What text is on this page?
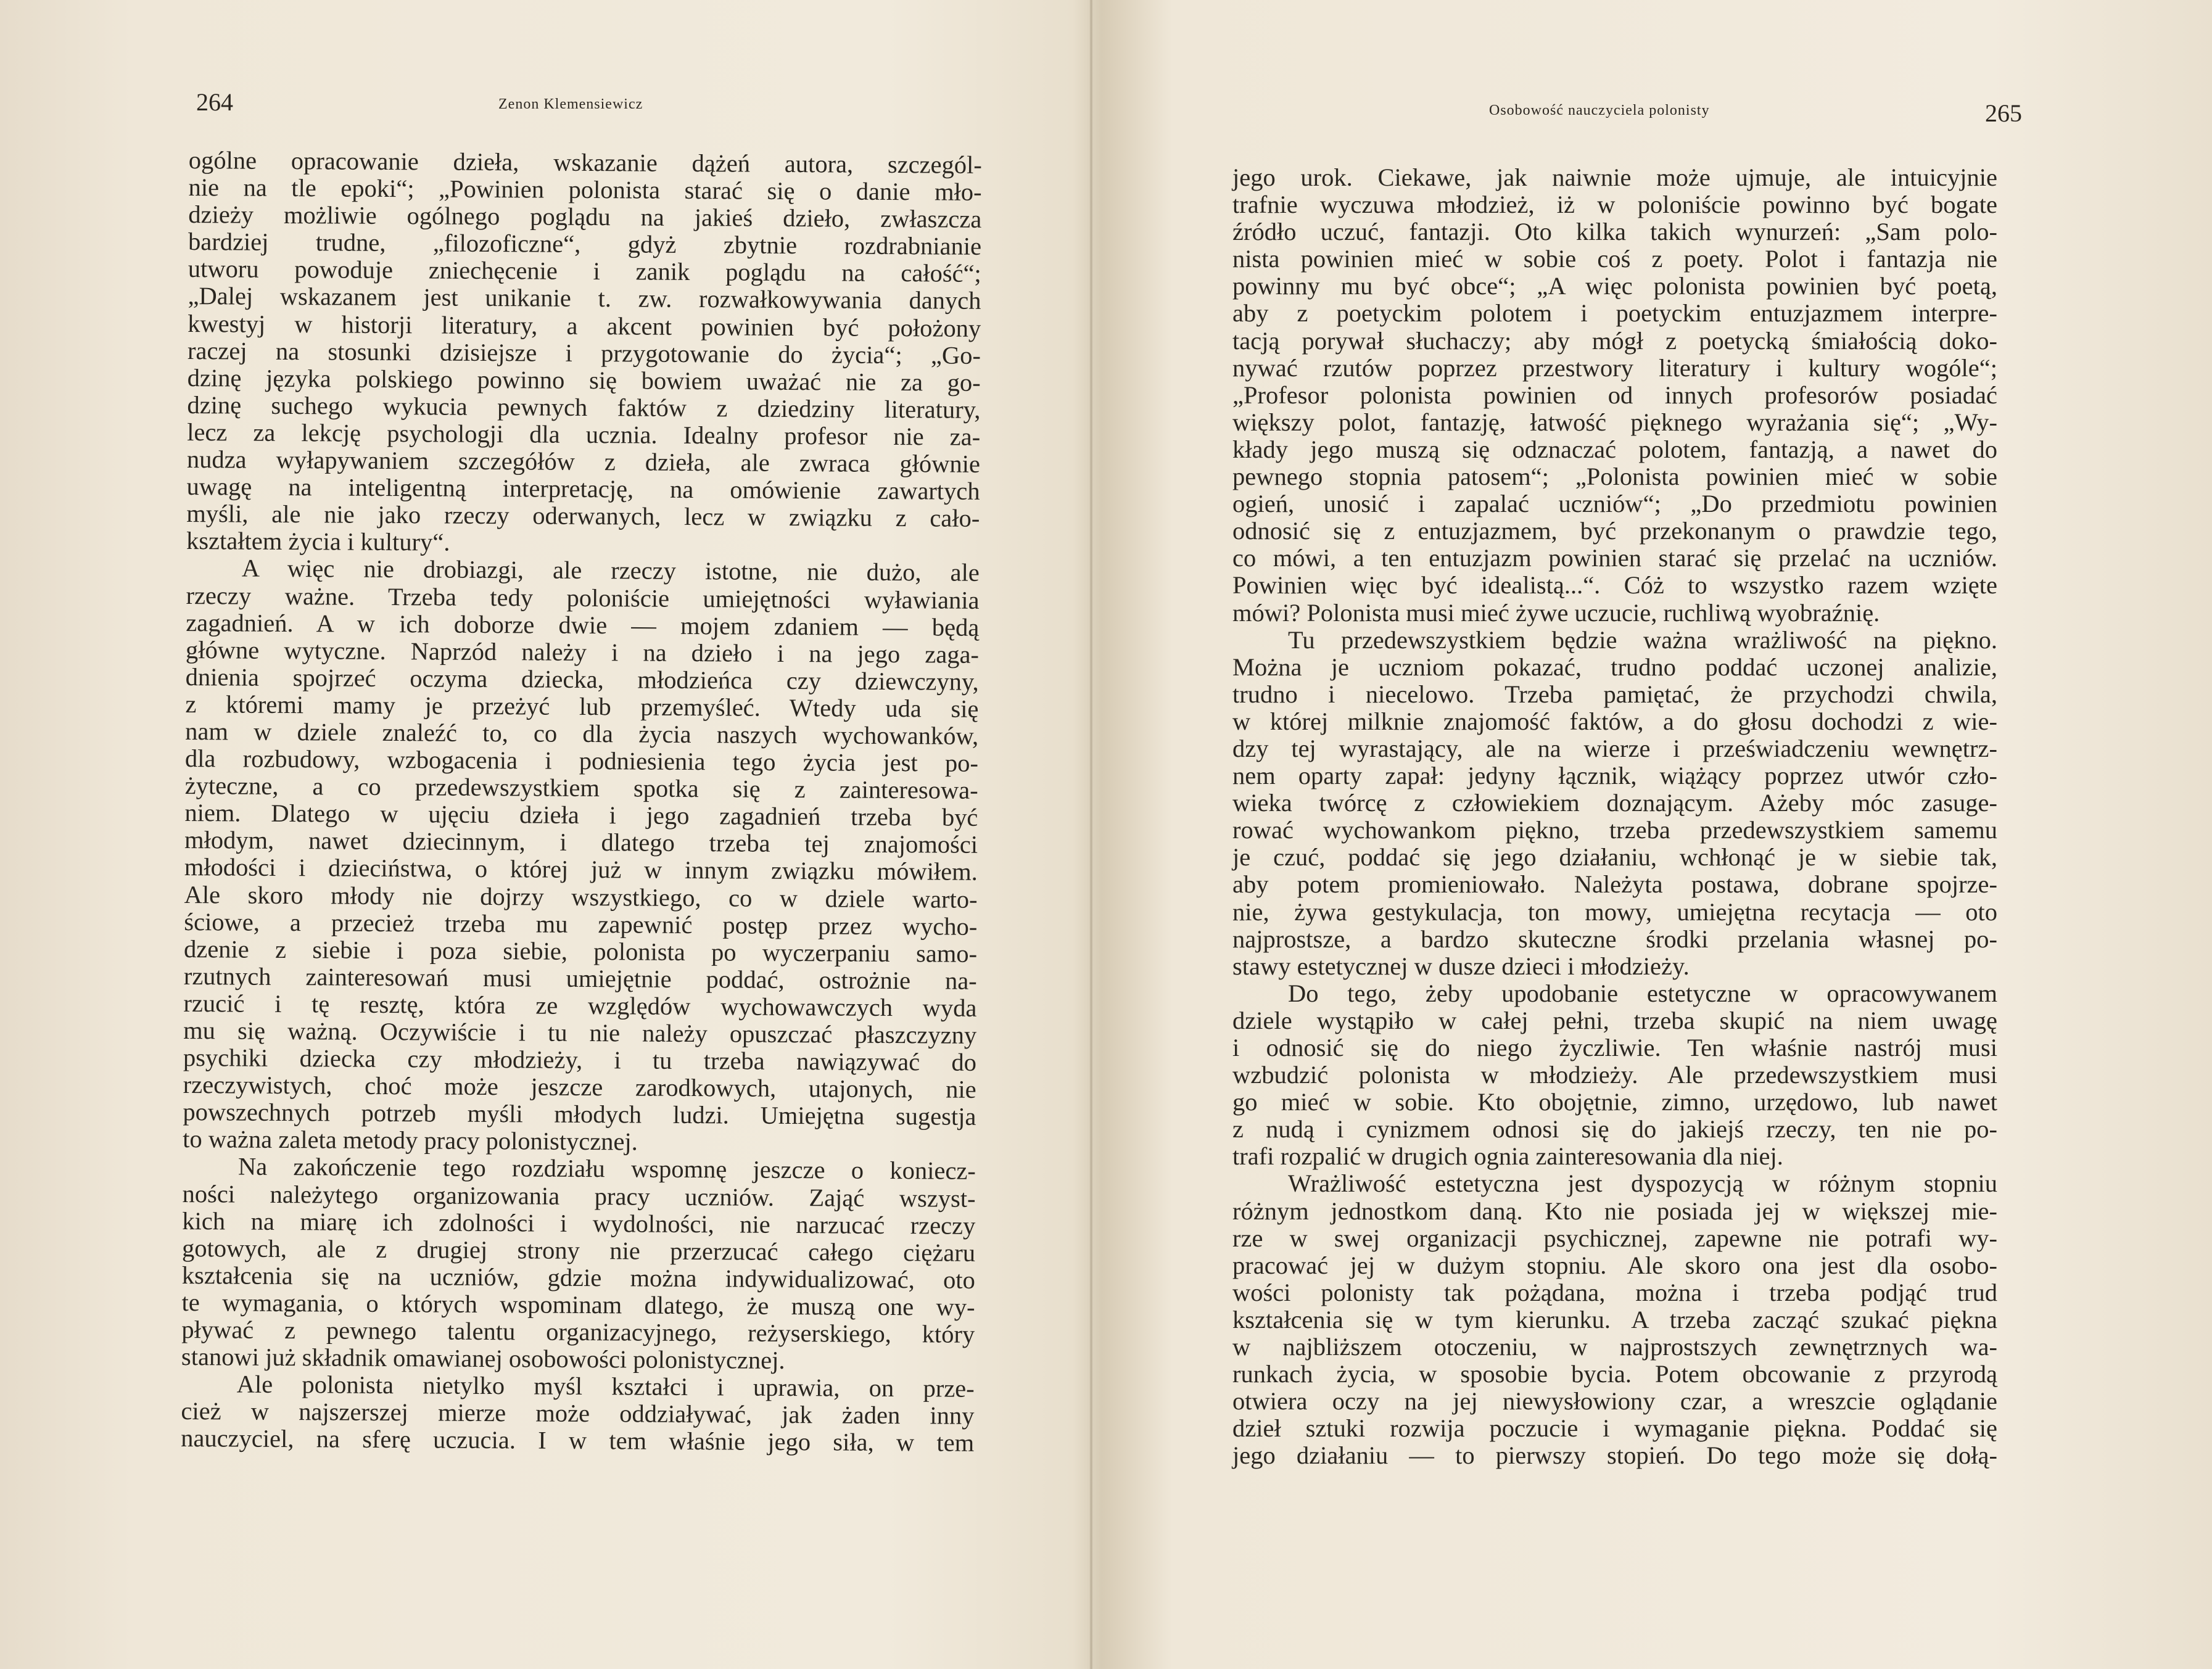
264	Zenon Klemensiewicz
ogólne opracowanie dzieła, wskazanie dążeń autora, szczegól-
nie na tle epoki“; „Powinien polonista starać się o danie mło-
dzieży możliwie ogólnego poglądu na jakieś dzieło, zwłaszcza
bardziej trudne, „filozoficzne“, gdyż zbytnie rozdrabnianie
utworu powoduje zniechęcenie i zanik poglądu na całość“;
„Dalej wskazanem jest unikanie t. zw. rozwałkowywania danych
kwestyj w historji literatury, a akcent powinien być położony
raczej na stosunki dzisiejsze i przygotowanie do życia“; „Go-
dzinę języka polskiego powinno się bowiem uważać nie za go-
dzinę suchego wykucia pewnych faktów z dziedziny literatury,
lecz za lekcję psychologji dla ucznia. Idealny profesor nie za-
nudza wyłapywaniem szczegółów z dzieła, ale zwraca głównie
uwagę na inteligentną interpretację, na omówienie zawartych
myśli, ale nie jako rzeczy oderwanych, lecz w związku z cało-
kształtem życia i kultury“.
A więc nie drobiazgi, ale rzeczy istotne, nie dużo, ale
rzeczy ważne. Trzeba tedy poloniście umiejętności wyławiania
zagadnień. A w ich doborze dwie — mojem zdaniem — będą
główne wytyczne. Naprzód należy i na dzieło i na jego zaga-
dnienia spojrzeć oczyma dziecka, młodzieńca czy dziewczyny,
z któremi mamy je przeżyć lub przemyśleć. Wtedy uda się
nam w dziele znaleźć to, co dla życia naszych wychowanków,
dla rozbudowy, wzbogacenia i podniesienia tego życia jest po-
żyteczne, a co przedewszystkiem spotka się z zainteresowa-
niem. Dlatego w ujęciu dzieła i jego zagadnień trzeba być
młodym, nawet dziecinnym, i dlatego trzeba tej znajomości
młodości i dzieciństwa, o której już w innym związku mówiłem.
Ale skoro młody nie dojrzy wszystkiego, co w dziele warto-
ściowe, a przecież trzeba mu zapewnić postęp przez wycho-
dzenie z siebie i poza siebie, polonista po wyczerpaniu samo-
rzutnych zainteresowań musi umiejętnie poddać, ostrożnie na-
rzucić i tę resztę, która ze względów wychowawczych wyda
mu się ważną. Oczywiście i tu nie należy opuszczać płaszczyzny
psychiki dziecka czy młodzieży, i tu trzeba nawiązywać do
rzeczywistych, choć może jeszcze zarodkowych, utajonych, nie
powszechnych potrzeb myśli młodych ludzi. Umiejętna sugestja
to ważna zaleta metody pracy polonistycznej.
Na zakończenie tego rozdziału wspomnę jeszcze o koniecz-
ności należytego organizowania pracy uczniów. Zająć wszyst-
kich na miarę ich zdolności i wydolności, nie narzucać rzeczy
gotowych, ale z drugiej strony nie przerzucać całego ciężaru
kształcenia się na uczniów, gdzie można indywidualizować, oto
te wymagania, o których wspominam dlatego, że muszą one wy-
pływać z pewnego talentu organizacyjnego, reżyserskiego, który
stanowi już składnik omawianej osobowości polonistycznej.
Ale polonista nietylko myśl kształci i uprawia, on prze-
cież w najszerszej mierze może oddziaływać, jak żaden inny
nauczyciel, na sferę uczucia. I w tem właśnie jego siła, w tem
Osobowość nauczyciela polonisty	265
jego urok. Ciekawe, jak naiwnie może ujmuje, ale intuicyjnie
trafnie wyczuwa młodzież, iż w poloniście powinno być bogate
źródło uczuć, fantazji. Oto kilka takich wynurzeń: „Sam polo-
nista powinien mieć w sobie coś z poety. Polot i fantazja nie
powinny mu być obce“; „A więc polonista powinien być poetą,
aby z poetyckim polotem i poetyckim entuzjazmem interpre-
tacją porywał słuchaczy; aby mógł z poetycką śmiałością doko-
nywać rzutów poprzez przestwory literatury i kultury wogóle“;
„Profesor polonista powinien od innych profesorów posiadać
większy polot, fantazję, łatwość pięknego wyrażania się“; „Wy-
kłady jego muszą się odznaczać polotem, fantazją, a nawet do
pewnego stopnia patosem“; „Polonista powinien mieć w sobie
ogień, unosić i zapalać uczniów“; „Do przedmiotu powinien
odnosić się z entuzjazmem, być przekonanym o prawdzie tego,
co mówi, a ten entuzjazm powinien starać się przelać na uczniów.
Powinien więc być idealistą...“. Cóż to wszystko razem wzięte
mówi? Polonista musi mieć żywe uczucie, ruchliwą wyobraźnię.
Tu przedewszystkiem będzie ważna wrażliwość na piękno.
Można je uczniom pokazać, trudno poddać uczonej analizie,
trudno i niecelowo. Trzeba pamiętać, że przychodzi chwila,
w której milknie znajomość faktów, a do głosu dochodzi z wie-
dzy tej wyrastający, ale na wierze i przeświadczeniu wewnętrz-
nem oparty zapał: jedyny łącznik, wiążący poprzez utwór czło-
wieka twórcę z człowiekiem doznającym. Ażeby móc zasuge-
rować wychowankom piękno, trzeba przedewszystkiem samemu
je czuć, poddać się jego działaniu, wchłonąć je w siebie tak,
aby potem promieniowało. Należyta postawa, dobrane spojrze-
nie, żywa gestykulacja, ton mowy, umiejętna recytacja — oto
najprostsze, a bardzo skuteczne środki przelania własnej po-
stawy estetycznej w dusze dzieci i młodzieży.
Do tego, żeby upodobanie estetyczne w opracowywanem
dziele wystąpiło w całej pełni, trzeba skupić na niem uwagę
i odnosić się do niego życzliwie. Ten właśnie nastrój musi
wzbudzić polonista w młodzieży. Ale przedewszystkiem musi
go mieć w sobie. Kto obojętnie, zimno, urzędowo, lub nawet
z nudą i cynizmem odnosi się do jakiejś rzeczy, ten nie po-
trafi rozpalić w drugich ognia zainteresowania dla niej.
Wrażliwość estetyczna jest dyspozycją w różnym stopniu
różnym jednostkom daną. Kto nie posiada jej w większej mie-
rze w swej organizacji psychicznej, zapewne nie potrafi wy-
pracować jej w dużym stopniu. Ale skoro ona jest dla osobo-
wości polonisty tak pożądana, można i trzeba podjąć trud
kształcenia się w tym kierunku. A trzeba zacząć szukać piękna
w najbliższem otoczeniu, w najprostszych zewnętrznych wa-
runkach życia, w sposobie bycia. Potem obcowanie z przyrodą
otwiera oczy na jej niewysłowiony czar, a wreszcie oglądanie
dzieł sztuki rozwija poczucie i wymaganie piękna. Poddać się
jego działaniu — to pierwszy stopień. Do tego może się dołą-
